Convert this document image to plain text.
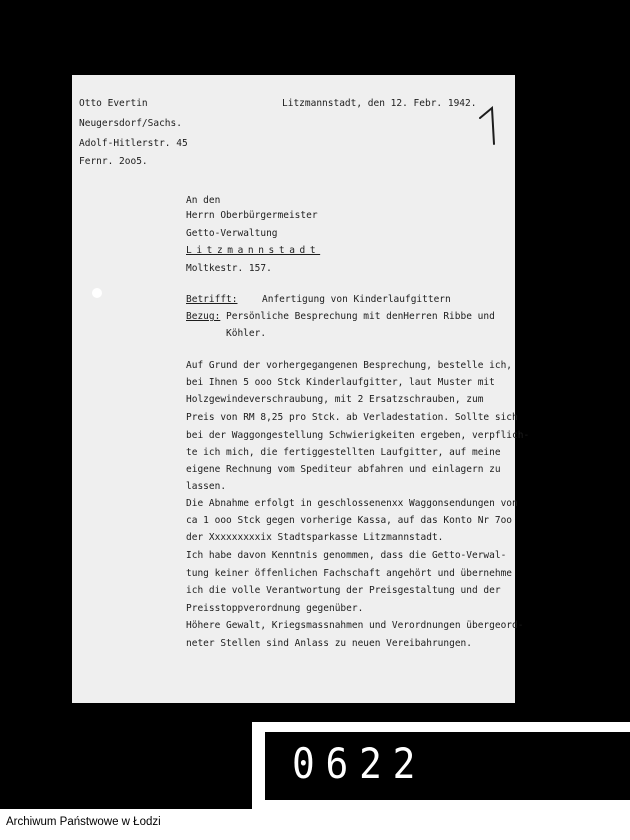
Otto Evertin
Neugersdorf/Sachs.
Adolf-Hitlerstr. 45
Fernr. 2oo5.
Litzmannstadt, den 12. Febr. 1942.
An den
Herrn Oberbürgermeister
Getto-Verwaltung
Litzmannstadt
Moltkestr. 157.
Betrifft:	Anfertigung von Kinderlaufgittern
Bezug: Persönliche Besprechung mit denHerren Ribbe und
Köhler.
Auf Grund der vorhergegangenen Besprechung, bestelle ich,
bei Ihnen 5 ooo Stck Kinderlaufgitter, laut Muster mit
Holzgewindeverschraubung, mit 2 Ersatzschrauben, zum
Preis von RM 8,25 pro Stck. ab Verladestation. Sollte sich
bei der Waggongestellung Schwierigkeiten ergeben, verpflich-
te ich mich, die fertiggestellten Laufgitter, auf meine
eigene Rechnung vom Spediteur abfahren und einlagern zu
lassen.
Die Abnahme erfolgt in geschlossenenxx Waggonsendungen von
ca 1 ooo Stck gegen vorherige Kassa, auf das Konto Nr 7oo
der Xxxxxxxxxix Stadtsparkasse Litzmannstadt.
Ich habe davon Kenntnis genommen, dass die Getto-Verwal-
tung keiner öffenlichen Fachschaft angehört und übernehme
ich die volle Verantwortung der Preisgestaltung und der
Preisstoppverordnung gegenüber.
Höhere Gewalt, Kriegsmassnahmen und Verordnungen übergeord-
neter Stellen sind Anlass zu neuen Vereibahrungen.
0622
Archiwum Państwowe w Łodzi
